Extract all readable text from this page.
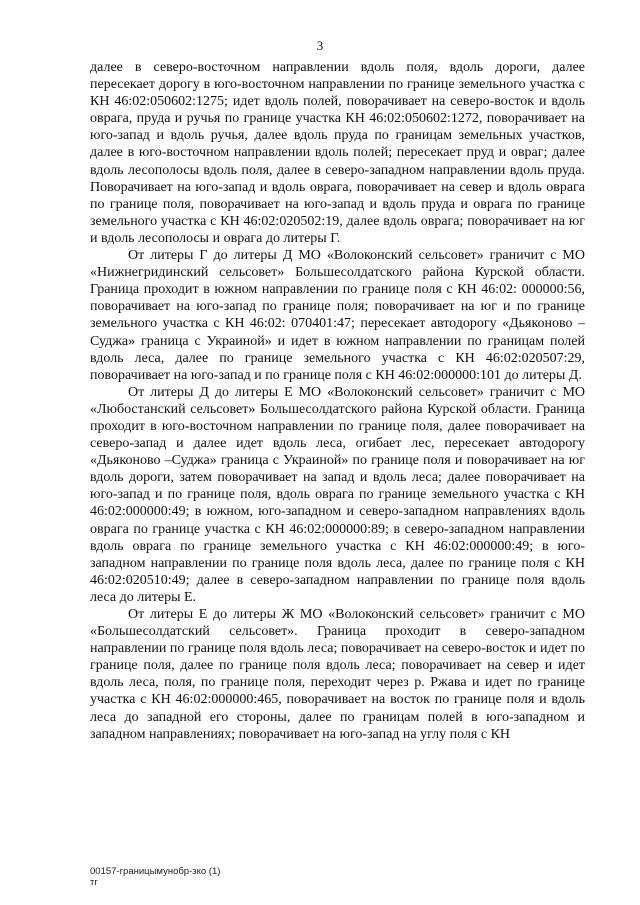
3

далее в северо-восточном направлении вдоль поля, вдоль дороги, далее пересекает дорогу в юго-восточном направлении по границе земельного участка с КН 46:02:050602:1275; идет вдоль полей, поворачивает на северо-восток и вдоль оврага, пруда и ручья по границе участка КН 46:02:050602:1272, поворачивает на юго-запад и вдоль ручья, далее вдоль пруда по границам земельных участков, далее в юго-восточном направлении вдоль полей; пересекает пруд и овраг; далее вдоль лесополосы вдоль поля, далее в северо-западном направлении вдоль пруда. Поворачивает на юго-запад и вдоль оврага, поворачивает на север и вдоль оврага по границе поля, поворачивает на юго-запад и вдоль пруда и оврага по границе земельного участка с КН 46:02:020502:19, далее вдоль оврага; поворачивает на юг и вдоль лесополосы и оврага до литеры Г.

От литеры Г до литеры Д МО «Волоконский сельсовет» граничит с МО «Нижнегридинский сельсовет» Большесолдатского района Курской области. Граница проходит в южном направлении по границе поля с КН 46:02: 000000:56, поворачивает на юго-запад по границе поля; поворачивает на юг и по границе земельного участка с КН 46:02: 070401:47; пересекает автодорогу «Дьяконово – Суджа» граница с Украиной» и идет в южном направлении по границам полей вдоль леса, далее по границе земельного участка с КН 46:02:020507:29, поворачивает на юго-запад и по границе поля с КН 46:02:000000:101 до литеры Д.

От литеры Д до литеры Е МО «Волоконский сельсовет» граничит с МО «Любостанский сельсовет» Большесолдатского района Курской области. Граница проходит в юго-восточном направлении по границе поля, далее поворачивает на северо-запад и далее идет вдоль леса, огибает лес, пересекает автодорогу «Дьяконово –Суджа» граница с Украиной» по границе поля и поворачивает на юг вдоль дороги, затем поворачивает на запад и вдоль леса; далее поворачивает на юго-запад и по границе поля, вдоль оврага по границе земельного участка с КН 46:02:000000:49; в южном, юго-западном и северо-западном направлениях вдоль оврага по границе участка с КН 46:02:000000:89; в северо-западном направлении вдоль оврага по границе земельного участка с КН 46:02:000000:49; в юго-западном направлении по границе поля вдоль леса, далее по границе поля с КН 46:02:020510:49; далее в северо-западном направлении по границе поля вдоль леса до литеры Е.

От литеры Е до литеры Ж МО «Волоконский сельсовет» граничит с МО «Большесолдатский сельсовет». Граница проходит в северо-западном направлении по границе поля вдоль леса; поворачивает на северо-восток и идет по границе поля, далее по границе поля вдоль леса; поворачивает на север и идет вдоль леса, поля, по границе поля, переходит через р. Ржава и идет по границе участка с КН 46:02:000000:465, поворачивает на восток по границе поля и вдоль леса до западной его стороны, далее по границам полей в юго-западном и западном направлениях; поворачивает на юго-запад на углу поля с КН

00157-границымунобр-зко (1)
тг
